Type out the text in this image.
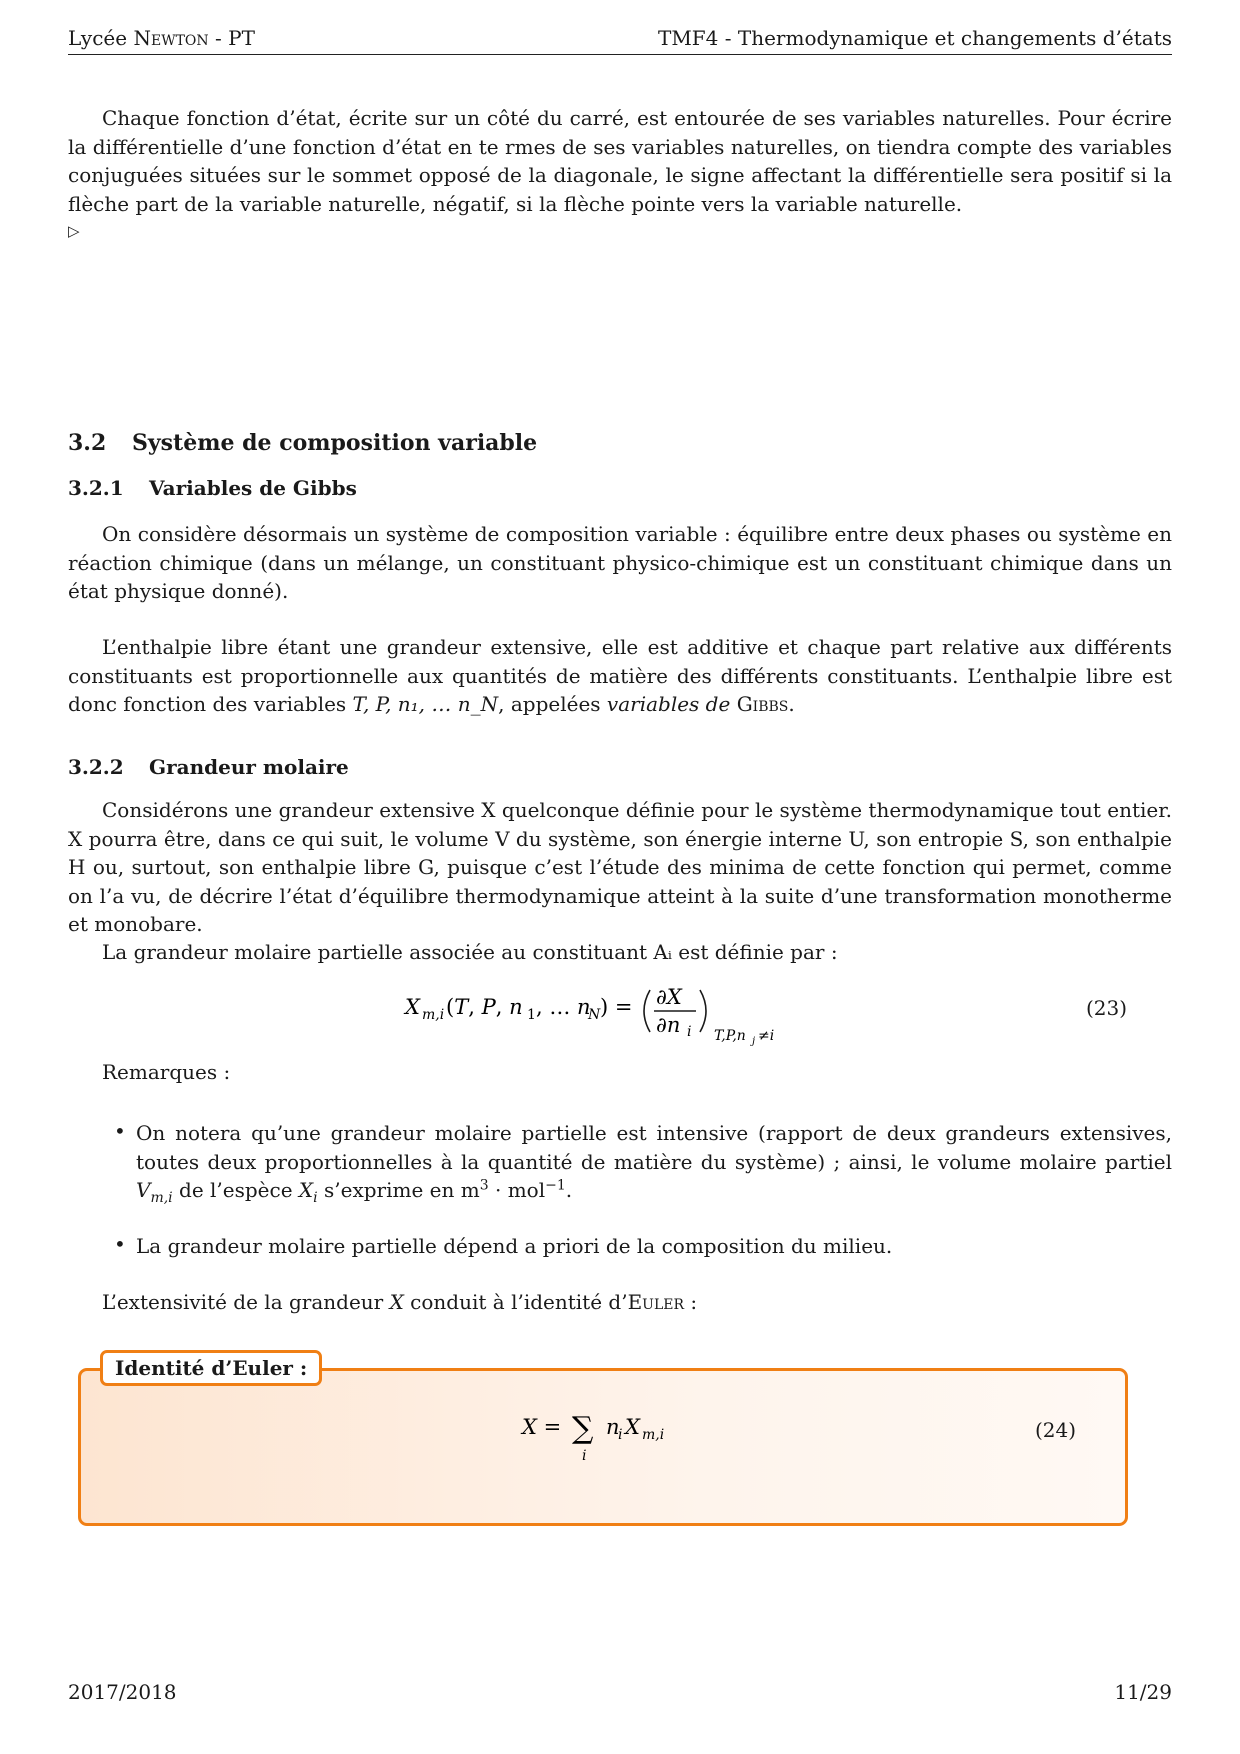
Lycée Newton - PT	TMF4 - Thermodynamique et changements d’états
Chaque fonction d’état, écrite sur un côté du carré, est entourée de ses variables naturelles. Pour écrire la différentielle d’une fonction d’état en te rmes de ses variables naturelles, on tiendra compte des variables conjuguées situées sur le sommet opposé de la diagonale, le signe affectant la différentielle sera positif si la flèche part de la variable naturelle, négatif, si la flèche pointe vers la variable naturelle.
▷
3.2 Système de composition variable
3.2.1 Variables de Gibbs
On considère désormais un système de composition variable : équilibre entre deux phases ou système en réaction chimique (dans un mélange, un constituant physico-chimique est un constituant chimique dans un état physique donné).
L’enthalpie libre étant une grandeur extensive, elle est additive et chaque part relative aux différents constituants est proportionnelle aux quantités de matière des différents constituants. L’enthalpie libre est donc fonction des variables T, P, n₁, … n_N, appelées variables de Gibbs.
3.2.2 Grandeur molaire
Considérons une grandeur extensive X quelconque définie pour le système thermodynamique tout entier. X pourra être, dans ce qui suit, le volume V du système, son énergie interne U, son entropie S, son enthalpie H ou, surtout, son enthalpie libre G, puisque c’est l’étude des minima de cette fonction qui permet, comme on l’a vu, de décrire l’état d’équilibre thermodynamique atteint à la suite d’une transformation monotherme et monobare.
La grandeur molaire partielle associée au constituant Aᵢ est définie par :
X m,i (T, P, n 1 , … n
N ) = ∂X
∂n i T,P,n j ≠i
(23)
Remarques :
• On notera qu’une grandeur molaire partielle est intensive (rapport de deux grandeurs extensives, toutes deux proportionnelles à la quantité de matière du système) ; ainsi, le volume molaire partiel $V_{m,i}$ de l’espèce $X_i$ s’exprime en $m^3 \cdot mol^{-1}$.
• La grandeur molaire partielle dépend a priori de la composition du milieu.
L’extensivité de la grandeur X conduit à l’identité d’Euler :
Identité d’Euler :
X = ∑
i
n
i X m,i	(24)
2017/2018	11/29
